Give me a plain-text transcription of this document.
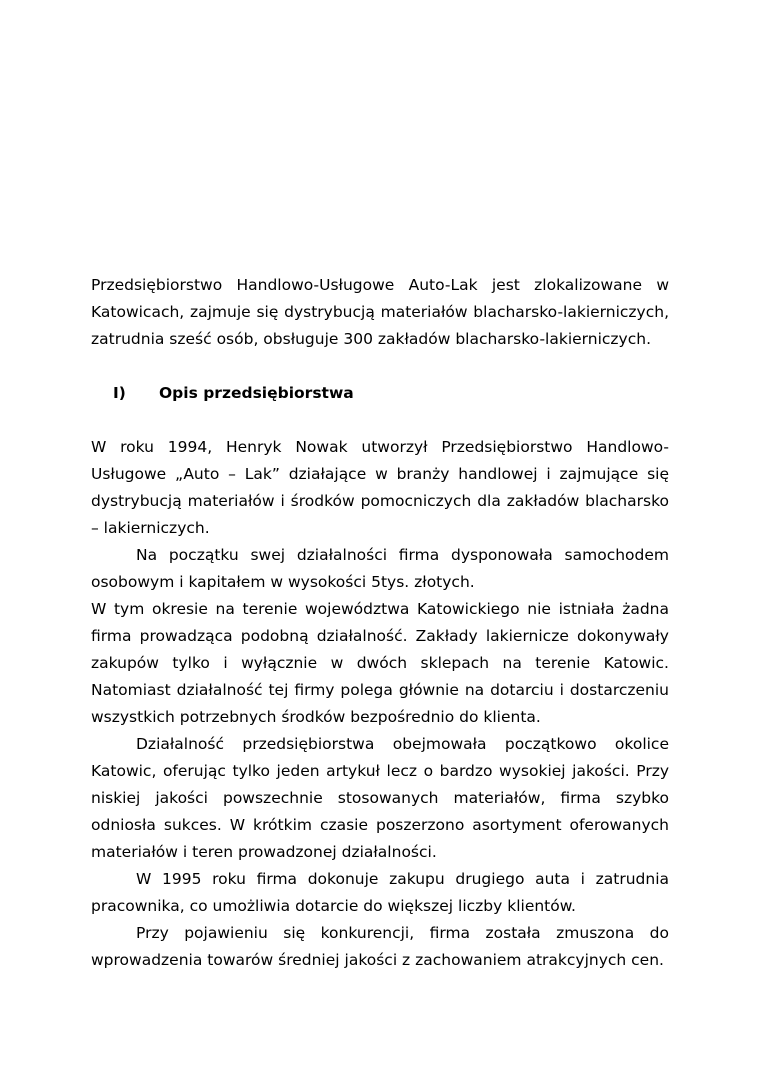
Przedsiębiorstwo Handlowo-Usługowe Auto-Lak jest zlokalizowane w Katowicach, zajmuje się dystrybucją materiałów blacharsko-lakierniczych, zatrudnia sześć osób, obsługuje 300 zakładów blacharsko-lakierniczych.

I)	Opis przedsiębiorstwa

W roku 1994, Henryk Nowak utworzył Przedsiębiorstwo Handlowo-Usługowe „Auto – Lak” działające w branży handlowej i zajmujące się dystrybucją materiałów i środków pomocniczych dla zakładów blacharsko – lakierniczych.

Na początku swej działalności firma dysponowała samochodem osobowym i kapitałem w wysokości 5tys. złotych.

W tym okresie na terenie województwa Katowickiego nie istniała żadna firma prowadząca podobną działalność. Zakłady lakiernicze dokonywały zakupów tylko i wyłącznie w dwóch sklepach na terenie Katowic. Natomiast działalność tej firmy polega głównie na dotarciu i dostarczeniu wszystkich potrzebnych środków bezpośrednio do klienta.

Działalność przedsiębiorstwa obejmowała początkowo okolice Katowic, oferując tylko jeden artykuł lecz o bardzo wysokiej jakości. Przy niskiej jakości powszechnie stosowanych materiałów, firma szybko odniosła sukces. W krótkim czasie poszerzono asortyment oferowanych materiałów i teren prowadzonej działalności.

W 1995 roku firma dokonuje zakupu drugiego auta i zatrudnia pracownika, co umożliwia dotarcie do większej liczby klientów.

Przy pojawieniu się konkurencji, firma została zmuszona do wprowadzenia towarów średniej jakości z zachowaniem atrakcyjnych cen.
